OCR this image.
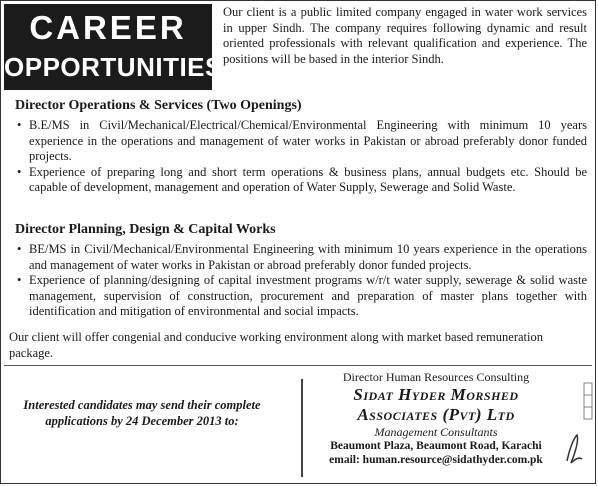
CAREER
OPPORTUNITIES
Our client is a public limited company engaged in water work services in upper Sindh. The company requires following dynamic and result oriented professionals with relevant qualification and experience. The positions will be based in the interior Sindh.
Director Operations & Services (Two Openings)
• B.E/MS in Civil/Mechanical/Electrical/Chemical/Environmental Engineering with minimum 10 years experience in the operations and management of water works in Pakistan or abroad preferably donor funded projects.
• Experience of preparing long and short term operations & business plans, annual budgets etc. Should be capable of development, management and operation of Water Supply, Sewerage and Solid Waste.
Director Planning, Design & Capital Works
• BE/MS in Civil/Mechanical/Environmental Engineering with minimum 10 years experience in the operations and management of water works in Pakistan or abroad preferably donor funded projects.
• Experience of planning/designing of capital investment programs w/r/t water supply, sewerage & solid waste management, supervision of construction, procurement and preparation of master plans together with identification and mitigation of environmental and social impacts.
Our client will offer congenial and conducive working environment along with market based remuneration package.
Interested candidates may send their complete applications by 24 December 2013 to:
Director Human Resources Consulting
Sidat Hyder Morshed
Associates (Pvt) Ltd
Management Consultants
Beaumont Plaza, Beaumont Road, Karachi
email: human.resource@sidathyder.com.pk
